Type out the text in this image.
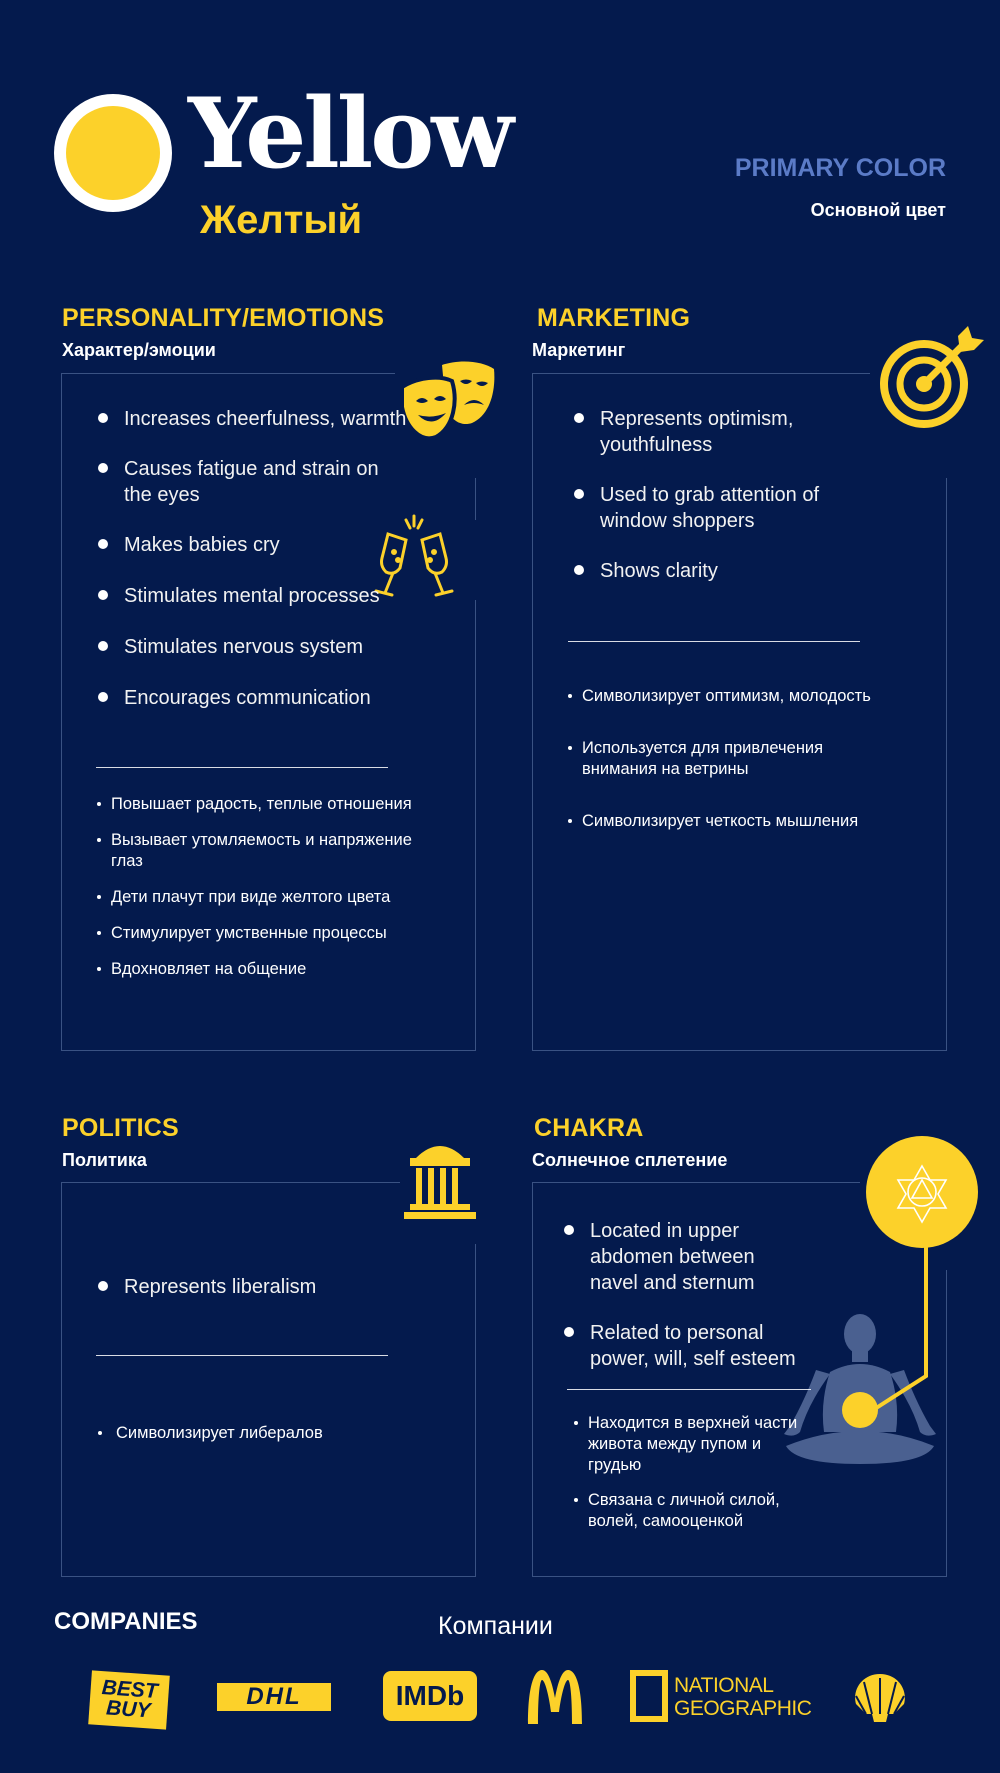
Yellow
Желтый
PRIMARY COLOR
Основной цвет
PERSONALITY/EMOTIONS
Характер/эмоции
Increases cheerfulness, warmth
Causes fatigue and strain on the eyes
Makes babies cry
Stimulates mental processes
Stimulates nervous system
Encourages communication
Повышает радость, теплые отношения
Вызывает утомляемость и напряжение глаз
Дети плачут при виде желтого цвета
Стимулирует умственные процессы
Вдохновляет на общение
MARKETING
Маркетинг
Represents optimism, youthfulness
Used to grab attention of window shoppers
Shows clarity
Символизирует оптимизм, молодость
Используется для привлечения внимания на ветрины
Символизирует четкость мышления
POLITICS
Политика
Represents liberalism
Символизирует либералов
CHAKRA
Солнечное сплетение
Located in upper abdomen between navel and sternum
Related to personal power, will, self esteem
Находится в верхней части живота между пупом и грудью
Связана с личной силой, волей, самооценкой
COMPANIES	Компании
BEST
BUY	DHL	IMDb	NATIONAL
GEOGRAPHIC
